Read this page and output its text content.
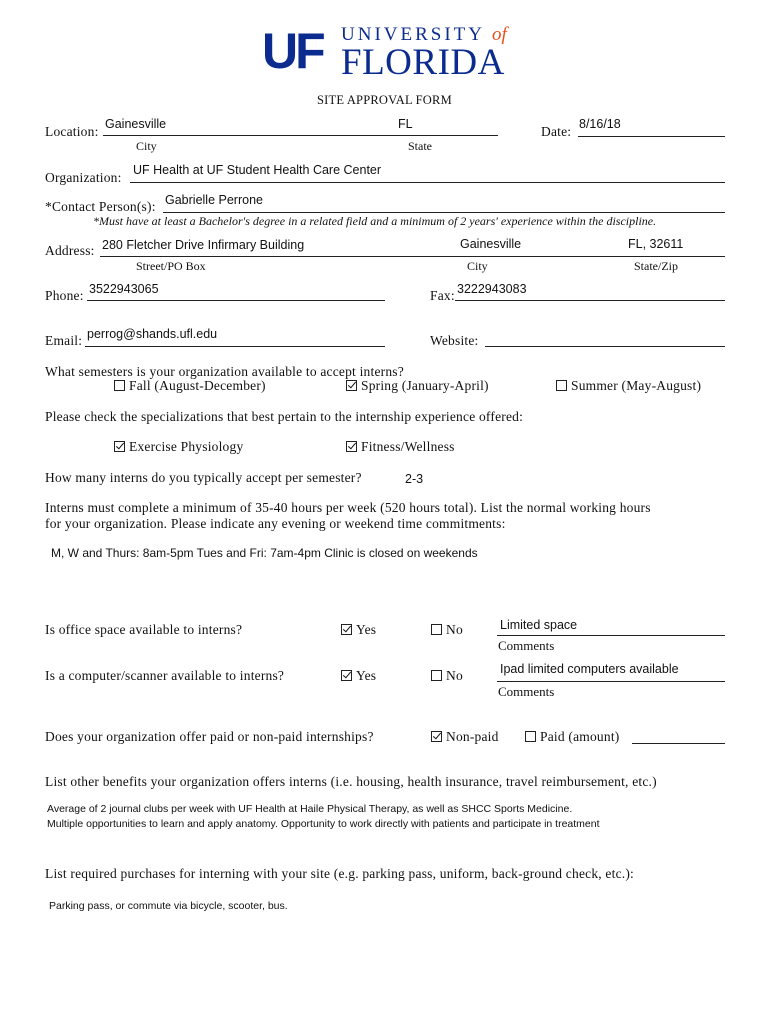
UF UNIVERSITY of
FLORIDA
SITE APPROVAL FORM
Location: Gainesville	FL
City	State
Date: 8/16/18
Organization: UF Health at UF Student Health Care Center
*Contact Person(s): Gabrielle Perrone
*Must have at least a Bachelor's degree in a related field and a minimum of 2 years' experience within the discipline.
Address: 280 Fletcher Drive Infirmary Building	Gainesville	FL, 32611
Street/PO Box	City	State/Zip
Phone: 3522943065	Fax: 3222943083
Email: perrog@shands.ufl.edu	Website:
What semesters is your organization available to accept interns?
Fall (August-December)	Spring (January-April)	Summer (May-August)
Please check the specializations that best pertain to the internship experience offered:
Exercise Physiology	Fitness/Wellness
How many interns do you typically accept per semester?	2-3
Interns must complete a minimum of 35-40 hours per week (520 hours total). List the normal working hours
for your organization. Please indicate any evening or weekend time commitments:
M, W and Thurs: 8am-5pm Tues and Fri: 7am-4pm Clinic is closed on weekends
Is office space available to interns?	Yes	No	Limited space
Comments
Is a computer/scanner available to interns?	Yes	No	Ipad limited computers available
Comments
Does your organization offer paid or non-paid internships?	Non-paid	Paid (amount)
List other benefits your organization offers interns (i.e. housing, health insurance, travel reimbursement, etc.)
Average of 2 journal clubs per week with UF Health at Haile Physical Therapy, as well as SHCC Sports Medicine.
Multiple opportunities to learn and apply anatomy. Opportunity to work directly with patients and participate in treatment
List required purchases for interning with your site (e.g. parking pass, uniform, back-ground check, etc.):
Parking pass, or commute via bicycle, scooter, bus.
